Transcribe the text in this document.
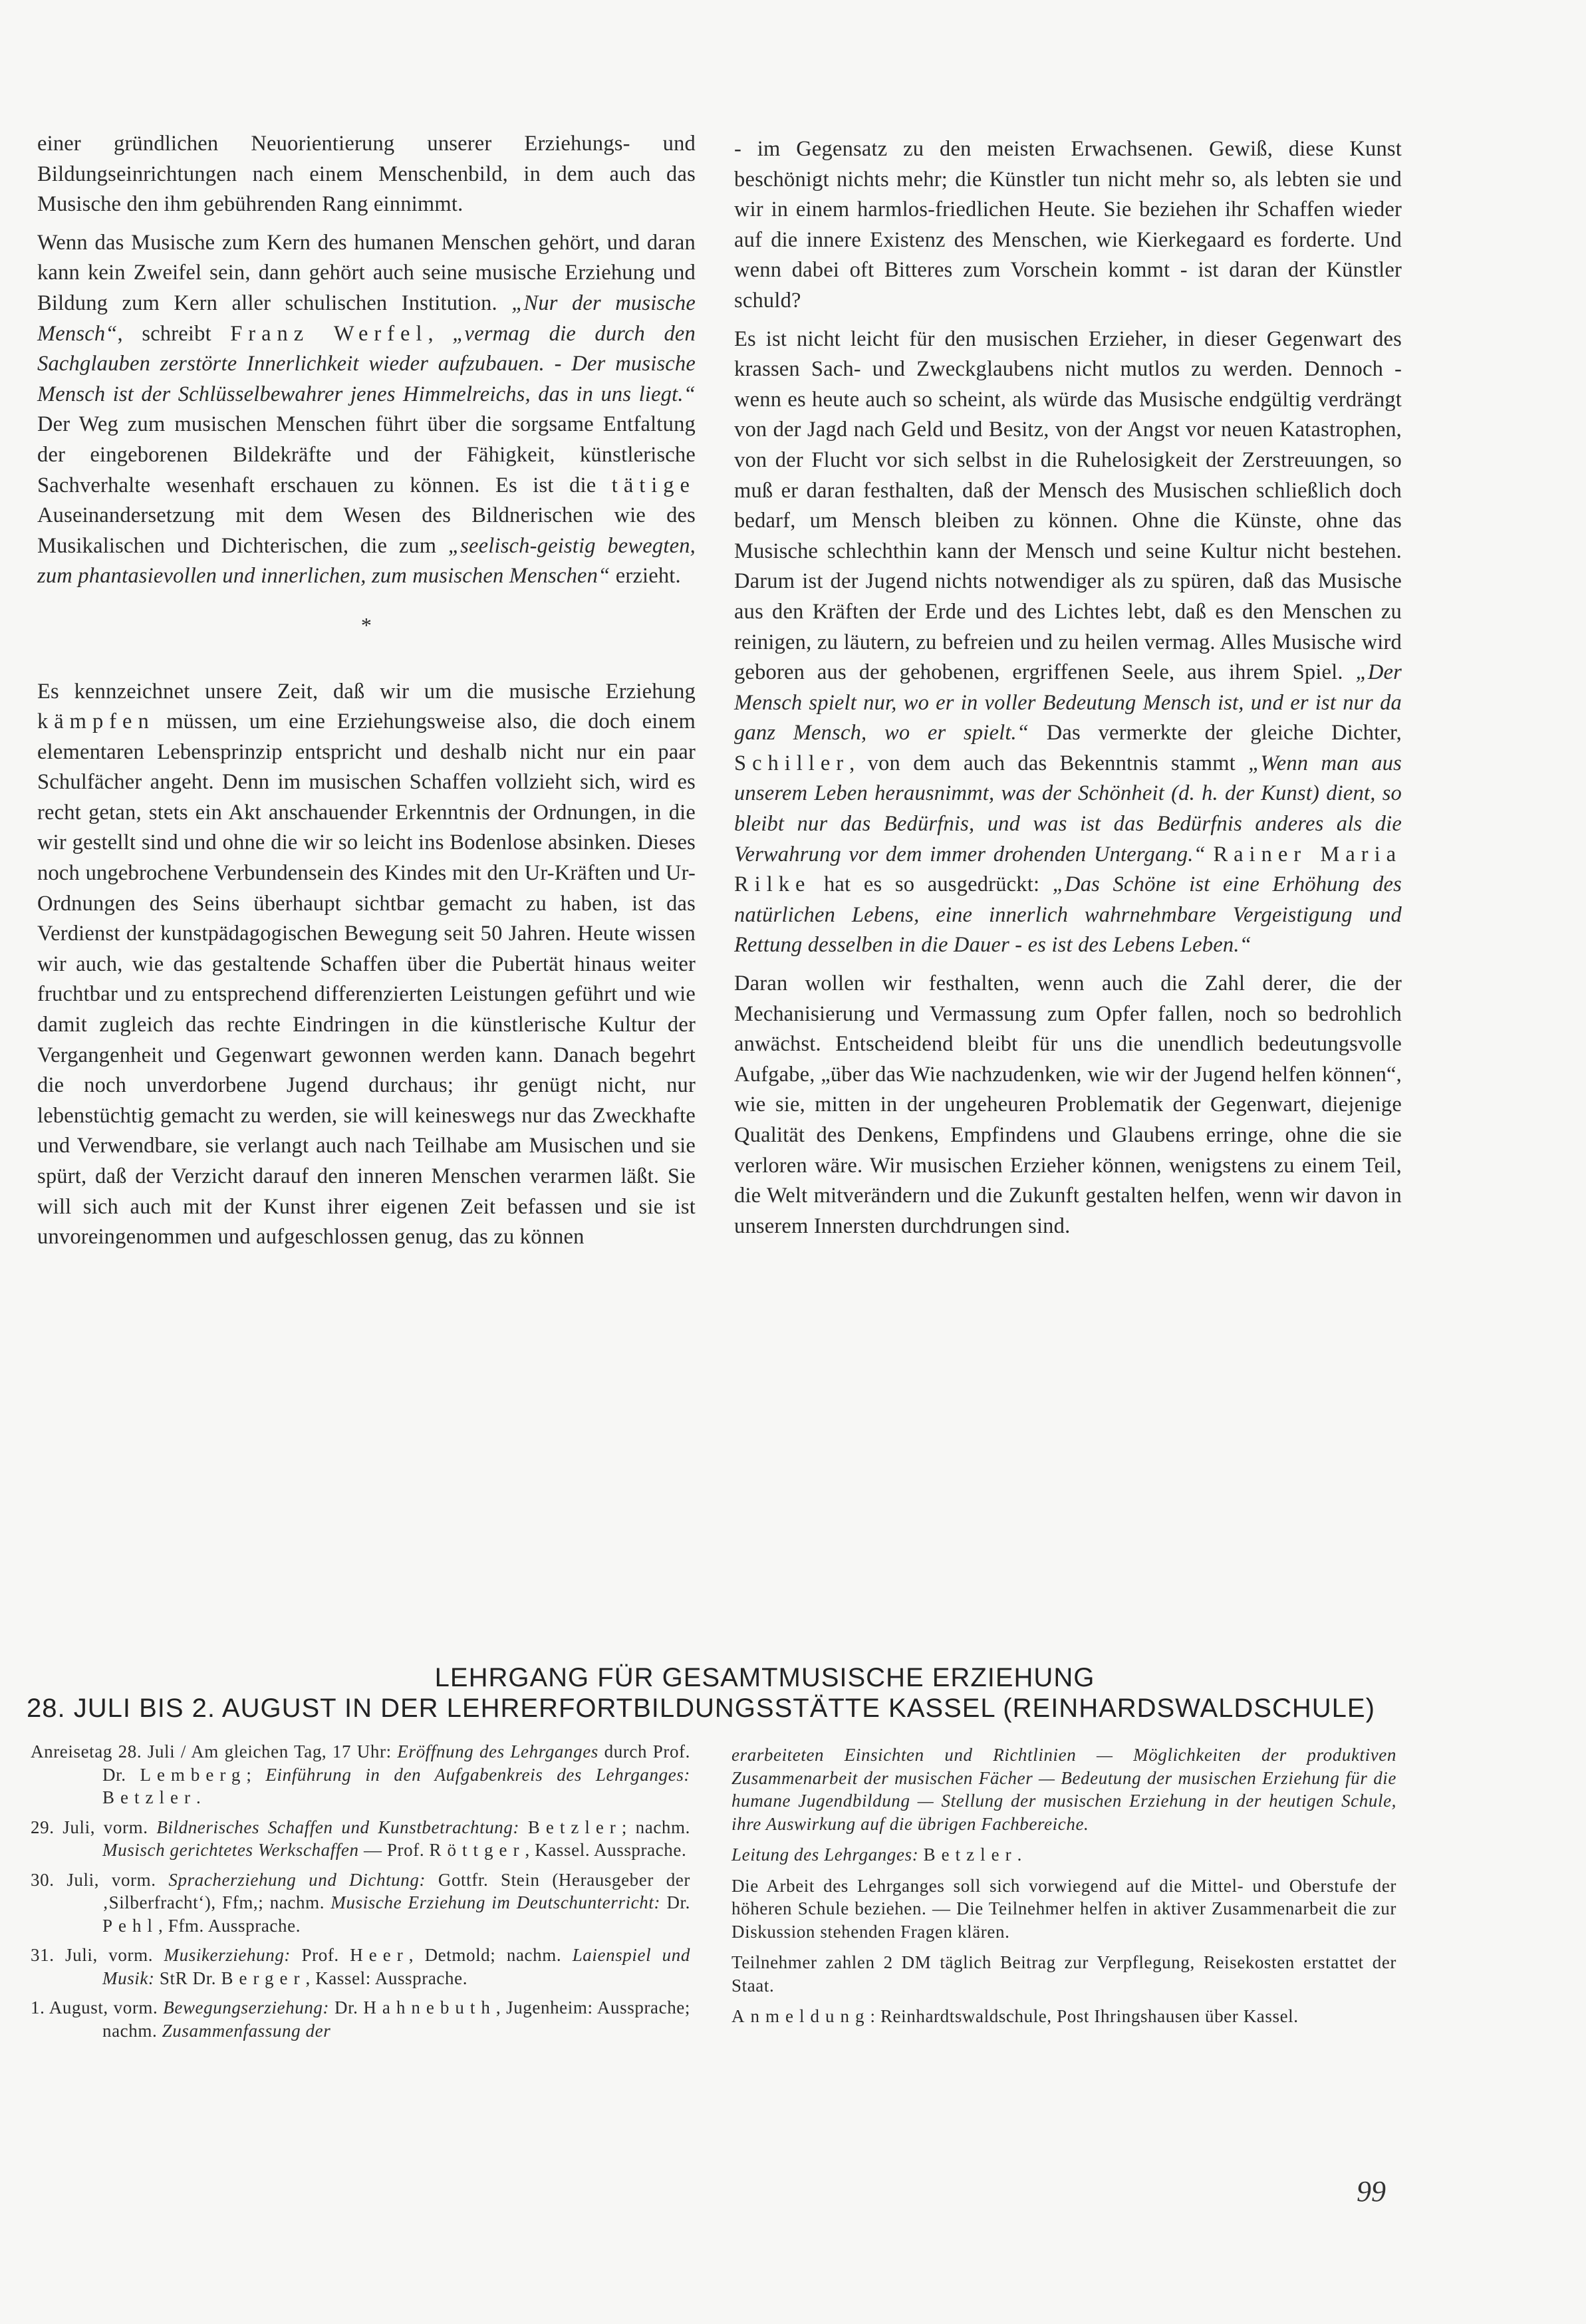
einer gründlichen Neuorientierung unserer Erziehungs- und Bildungseinrichtungen nach einem Menschenbild, in dem auch das Musische den ihm gebührenden Rang einnimmt.

Wenn das Musische zum Kern des humanen Menschen gehört, und daran kann kein Zweifel sein, dann gehört auch seine musische Erziehung und Bildung zum Kern aller schulischen Institution. „Nur der musische Mensch“, schreibt Franz Werfel, „vermag die durch den Sachglauben zerstörte Innerlichkeit wieder aufzubauen. - Der musische Mensch ist der Schlüsselbewahrer jenes Himmelreichs, das in uns liegt.“ Der Weg zum musischen Menschen führt über die sorgsame Entfaltung der eingeborenen Bildekräfte und der Fähigkeit, künstlerische Sachverhalte wesenhaft erschauen zu können. Es ist die tätige Auseinandersetzung mit dem Wesen des Bildnerischen wie des Musikalischen und Dichterischen, die zum „seelisch-geistig bewegten, zum phantasievollen und innerlichen, zum musischen Menschen“ erzieht.

*

Es kennzeichnet unsere Zeit, daß wir um die musische Erziehung kämpfen müssen, um eine Erziehungsweise also, die doch einem elementaren Lebensprinzip entspricht und deshalb nicht nur ein paar Schulfächer angeht. Denn im musischen Schaffen vollzieht sich, wird es recht getan, stets ein Akt anschauender Erkenntnis der Ordnungen, in die wir gestellt sind und ohne die wir so leicht ins Bodenlose absinken. Dieses noch ungebrochene Verbundensein des Kindes mit den Ur-Kräften und Ur-Ordnungen des Seins überhaupt sichtbar gemacht zu haben, ist das Verdienst der kunstpädagogischen Bewegung seit 50 Jahren. Heute wissen wir auch, wie das gestaltende Schaffen über die Pubertät hinaus weiter fruchtbar und zu entsprechend differenzierten Leistungen geführt und wie damit zugleich das rechte Eindringen in die künstlerische Kultur der Vergangenheit und Gegenwart gewonnen werden kann. Danach begehrt die noch unverdorbene Jugend durchaus; ihr genügt nicht, nur lebenstüchtig gemacht zu werden, sie will keineswegs nur das Zweckhafte und Verwendbare, sie verlangt auch nach Teilhabe am Musischen und sie spürt, daß der Verzicht darauf den inneren Menschen verarmen läßt. Sie will sich auch mit der Kunst ihrer eigenen Zeit befassen und sie ist unvoreingenommen und aufgeschlossen genug, das zu können

- im Gegensatz zu den meisten Erwachsenen. Gewiß, diese Kunst beschönigt nichts mehr; die Künstler tun nicht mehr so, als lebten sie und wir in einem harmlos-friedlichen Heute. Sie beziehen ihr Schaffen wieder auf die innere Existenz des Menschen, wie Kierkegaard es forderte. Und wenn dabei oft Bitteres zum Vorschein kommt - ist daran der Künstler schuld?

Es ist nicht leicht für den musischen Erzieher, in dieser Gegenwart des krassen Sach- und Zweckglaubens nicht mutlos zu werden. Dennoch - wenn es heute auch so scheint, als würde das Musische endgültig verdrängt von der Jagd nach Geld und Besitz, von der Angst vor neuen Katastrophen, von der Flucht vor sich selbst in die Ruhelosigkeit der Zerstreuungen, so muß er daran festhalten, daß der Mensch des Musischen schließlich doch bedarf, um Mensch bleiben zu können. Ohne die Künste, ohne das Musische schlechthin kann der Mensch und seine Kultur nicht bestehen. Darum ist der Jugend nichts notwendiger als zu spüren, daß das Musische aus den Kräften der Erde und des Lichtes lebt, daß es den Menschen zu reinigen, zu läutern, zu befreien und zu heilen vermag. Alles Musische wird geboren aus der gehobenen, ergriffenen Seele, aus ihrem Spiel. „Der Mensch spielt nur, wo er in voller Bedeutung Mensch ist, und er ist nur da ganz Mensch, wo er spielt.“ Das vermerkte der gleiche Dichter, Schiller, von dem auch das Bekenntnis stammt „Wenn man aus unserem Leben herausnimmt, was der Schönheit (d. h. der Kunst) dient, so bleibt nur das Bedürfnis, und was ist das Bedürfnis anderes als die Verwahrung vor dem immer drohenden Untergang.“ Rainer Maria Rilke hat es so ausgedrückt: „Das Schöne ist eine Erhöhung des natürlichen Lebens, eine innerlich wahrnehmbare Vergeistigung und Rettung desselben in die Dauer - es ist des Lebens Leben.“

Daran wollen wir festhalten, wenn auch die Zahl derer, die der Mechanisierung und Vermassung zum Opfer fallen, noch so bedrohlich anwächst. Entscheidend bleibt für uns die unendlich bedeutungsvolle Aufgabe, „über das Wie nachzudenken, wie wir der Jugend helfen können“, wie sie, mitten in der ungeheuren Problematik der Gegenwart, diejenige Qualität des Denkens, Empfindens und Glaubens erringe, ohne die sie verloren wäre. Wir musischen Erzieher können, wenigstens zu einem Teil, die Welt mitverändern und die Zukunft gestalten helfen, wenn wir davon in unserem Innersten durchdrungen sind.

LEHRGANG FÜR GESAMTMUSISCHE ERZIEHUNG
28. JULI BIS 2. AUGUST IN DER LEHRERFORTBILDUNGSSTÄTTE KASSEL (REINHARDSWALDSCHULE)
Anreisetag 28. Juli / Am gleichen Tag, 17 Uhr: Eröffnung des Lehrganges durch Prof. Dr. Lemberg; Einführung in den Aufgabenkreis des Lehrganges: Betzler.
29. Juli, vorm. Bildnerisches Schaffen und Kunstbetrachtung: Betzler; nachm. Musisch gerichtetes Werkschaffen — Prof. Röttger, Kassel. Aussprache.
30. Juli, vorm. Spracherziehung und Dichtung: Gottfr. Stein (Herausgeber der ‚Silberfracht‘), Ffm,; nachm. Musische Erziehung im Deutschunterricht: Dr. Pehl, Ffm. Aussprache.
31. Juli, vorm. Musikerziehung: Prof. Heer, Detmold; nachm. Laienspiel und Musik: StR Dr. Berger, Kassel: Aussprache.
1. August, vorm. Bewegungserziehung: Dr. Hahnebuth, Jugenheim: Aussprache; nachm. Zusammenfassung der

erarbeiteten Einsichten und Richtlinien — Möglichkeiten der produktiven Zusammenarbeit der musischen Fächer — Bedeutung der musischen Erziehung für die humane Jugendbildung — Stellung der musischen Erziehung in der heutigen Schule, ihre Auswirkung auf die übrigen Fachbereiche.

Leitung des Lehrganges: Betzler.

Die Arbeit des Lehrganges soll sich vorwiegend auf die Mittel- und Oberstufe der höheren Schule beziehen. — Die Teilnehmer helfen in aktiver Zusammenarbeit die zur Diskussion stehenden Fragen klären.

Teilnehmer zahlen 2 DM täglich Beitrag zur Verpflegung, Reisekosten erstattet der Staat.

Anmeldung: Reinhardtswaldschule, Post Ihringshausen über Kassel.

99
